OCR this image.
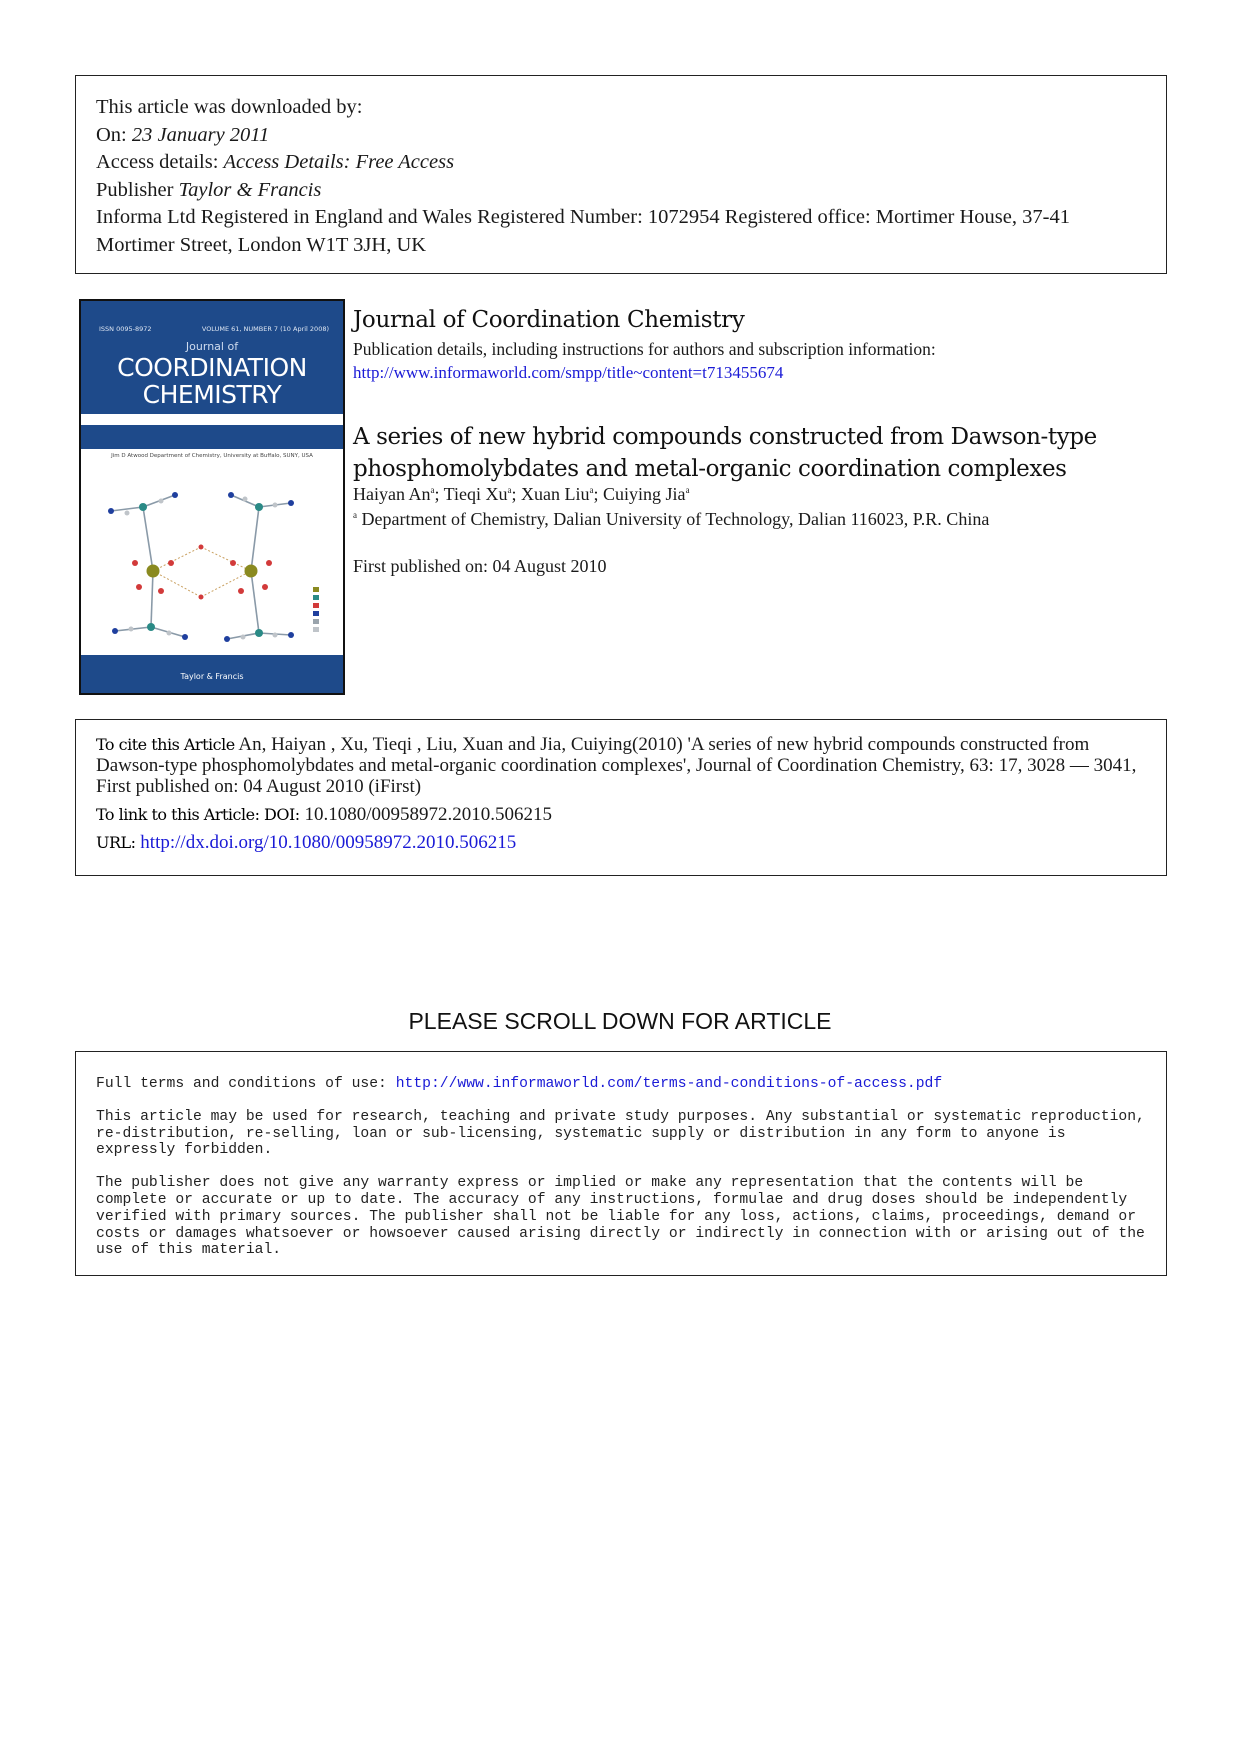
This article was downloaded by:
On: 23 January 2011
Access details: Access Details: Free Access
Publisher Taylor & Francis
Informa Ltd Registered in England and Wales Registered Number: 1072954 Registered office: Mortimer House, 37-41 Mortimer Street, London W1T 3JH, UK
ISSN 0095-8972	VOLUME 61, NUMBER 7 (10 April 2008)
Journal of
COORDINATION
CHEMISTRY
Jim D Atwood Department of Chemistry, University at Buffalo, SUNY, USA
Taylor & Francis
Journal of Coordination Chemistry
Publication details, including instructions for authors and subscription information:
http://www.informaworld.com/smpp/title~content=t713455674
A series of new hybrid compounds constructed from Dawson-type phosphomolybdates and metal-organic coordination complexes
Haiyan An$^a$; Tieqi Xu$^a$; Xuan Liu$^a$; Cuiying Jia$^a$
$^a$ Department of Chemistry, Dalian University of Technology, Dalian 116023, P.R. China
First published on: 04 August 2010
To cite this Article An, Haiyan , Xu, Tieqi , Liu, Xuan and Jia, Cuiying(2010) 'A series of new hybrid compounds constructed from Dawson-type phosphomolybdates and metal-organic coordination complexes', Journal of Coordination Chemistry, 63: 17, 3028 — 3041, First published on: 04 August 2010 (iFirst)
To link to this Article: DOI: 10.1080/00958972.2010.506215
URL: http://dx.doi.org/10.1080/00958972.2010.506215
PLEASE SCROLL DOWN FOR ARTICLE

Full terms and conditions of use: http://www.informaworld.com/terms-and-conditions-of-access.pdf

This article may be used for research, teaching and private study purposes. Any substantial or systematic reproduction, re-distribution, re-selling, loan or sub-licensing, systematic supply or distribution in any form to anyone is expressly forbidden.

The publisher does not give any warranty express or implied or make any representation that the contents will be complete or accurate or up to date. The accuracy of any instructions, formulae and drug doses should be independently verified with primary sources. The publisher shall not be liable for any loss, actions, claims, proceedings, demand or costs or damages whatsoever or howsoever caused arising directly or indirectly in connection with or arising out of the use of this material.
